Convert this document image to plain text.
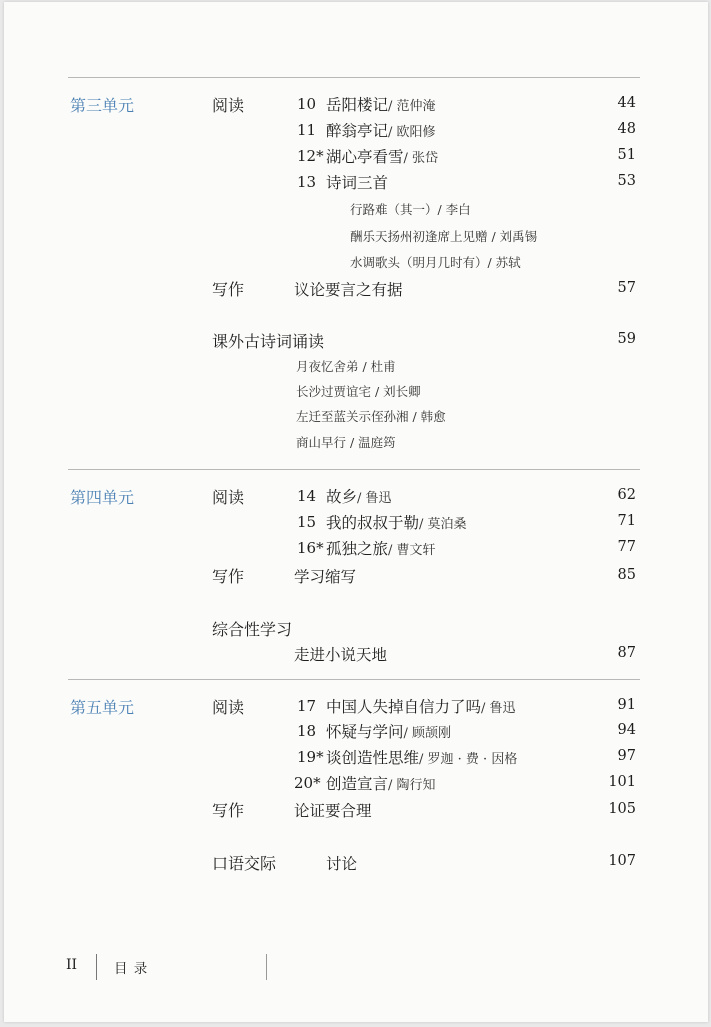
第三单元	阅读	10 岳阳楼记/ 范仲淹	44
11 醉翁亭记/ 欧阳修	48
12* 湖心亭看雪/ 张岱	51
13 诗词三首	53
行路难（其一）/ 李白
酬乐天扬州初逢席上见赠 / 刘禹锡
水调歌头（明月几时有）/ 苏轼
写作	议论要言之有据	57
课外古诗词诵读	59
月夜忆舍弟 / 杜甫
长沙过贾谊宅 / 刘长卿
左迁至蓝关示侄孙湘 / 韩愈
商山早行 / 温庭筠
第四单元	阅读	14 故乡/ 鲁迅	62
15 我的叔叔于勒/ 莫泊桑	71
16* 孤独之旅/ 曹文轩	77
写作	学习缩写	85
综合性学习
走进小说天地	87
第五单元	阅读	17 中国人失掉自信力了吗/ 鲁迅	91
18 怀疑与学问/ 顾颉刚	94
19* 谈创造性思维/ 罗迦 · 费 · 因格	97
20* 创造宣言/ 陶行知	101
写作	论证要合理	105
口语交际	讨论	107
II	目 录
